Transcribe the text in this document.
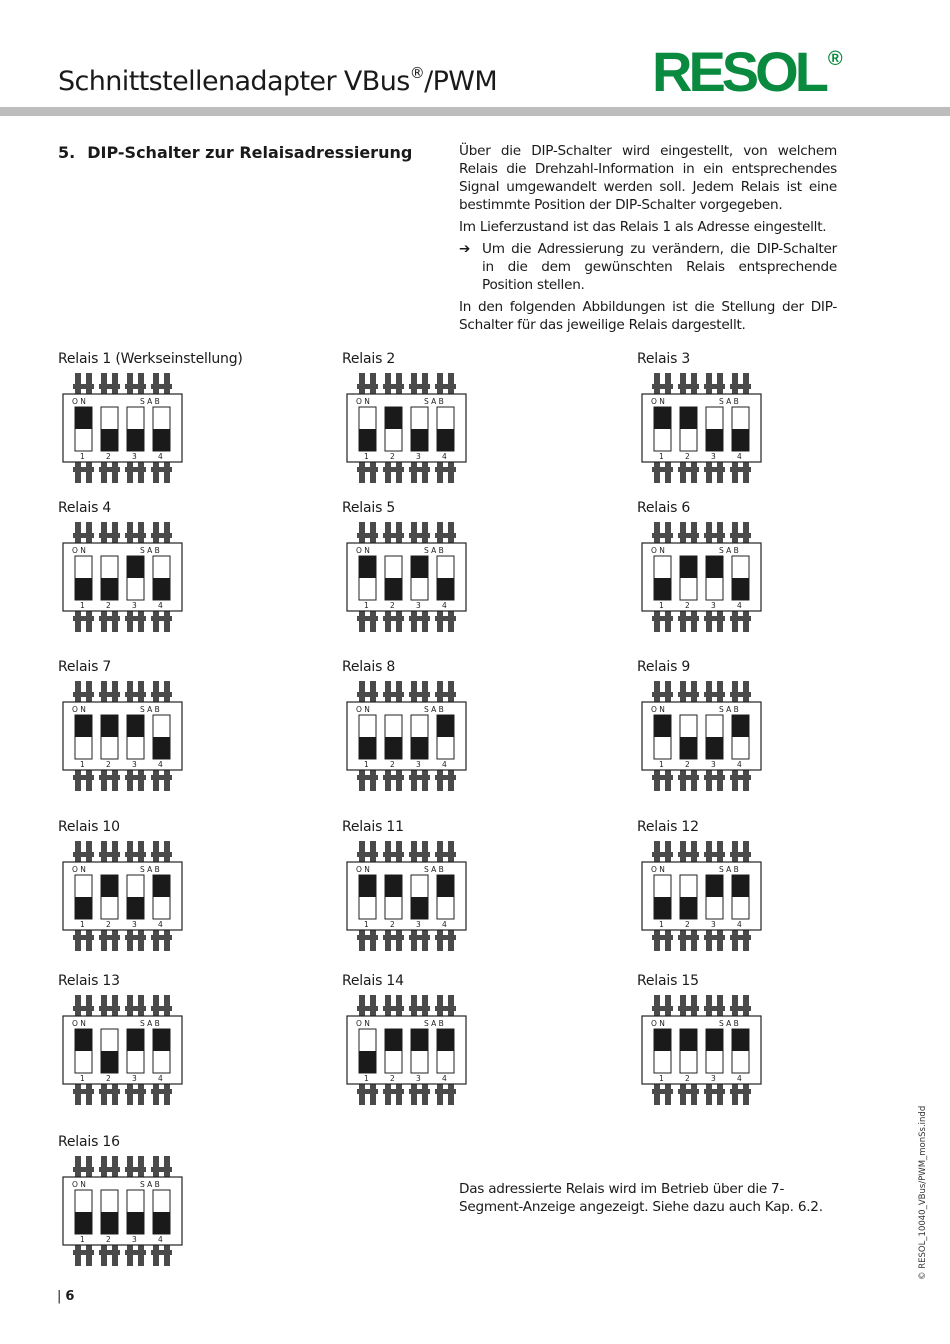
Schnittstellenadapter VBus®/PWM	RESOL ®
5. DIP-Schalter zur Relaisadressierung	Über die DIP-Schalter wird eingestellt, von welchem Relais die Drehzahl-Information in ein entsprechendes Signal umgewandelt werden soll. Jedem Relais ist eine bestimmte Position der DIP-Schalter vorgegeben.

Im Lieferzustand ist das Relais 1 als Adresse eingestellt.

➔ Um die Adressierung zu verändern, die DIP-Schalter in die dem gewünschten Relais entsprechende Position stellen.

In den folgenden Abbildungen ist die Stellung der DIP-Schalter für das jeweilige Relais dargestellt.

Relais 1 (Werkseinstellung)
O N	S A B
1	2	3	4
Relais 2
O N	S A B
1	2	3	4
Relais 3
O N	S A B
1	2	3	4
Relais 4
O N	S A B
1	2	3	4
Relais 5
O N	S A B
1	2	3	4
Relais 6
O N	S A B
1	2	3	4
Relais 7
O N	S A B
1	2	3	4
Relais 8
O N	S A B
1	2	3	4
Relais 9
O N	S A B
1	2	3	4
Relais 10
O N	S A B
1	2	3	4
Relais 11
O N	S A B
1	2	3	4
Relais 12
O N	S A B
1	2	3	4
Relais 13
O N	S A B
1	2	3	4
Relais 14
O N	S A B
1	2	3	4
Relais 15
O N	S A B
1	2	3	4
Relais 16
O N	S A B
1	2	3	4
Das adressierte Relais wird im Betrieb über die 7-Segment-Anzeige angezeigt. Siehe dazu auch Kap. 6.2.
| 6
© RESOL_10040_VBus/PWM_monSs.indd
